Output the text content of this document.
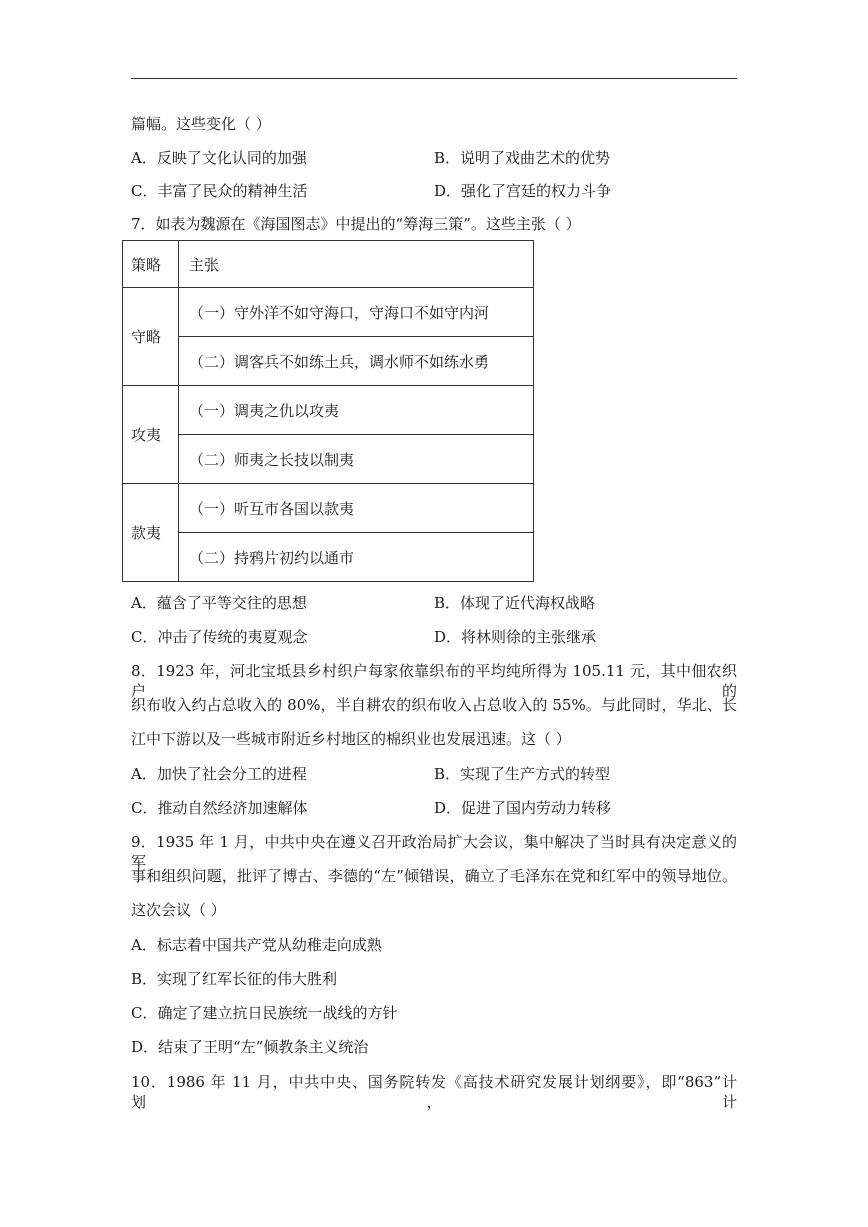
篇幅。这些变化（ ）
A．反映了文化认同的加强	B．说明了戏曲艺术的优势
C．丰富了民众的精神生活	D．强化了宫廷的权力斗争
7．如表为魏源在《海国图志》中提出的“筹海三策”。这些主张（ ）
策略	主张
守略	（一）守外洋不如守海口，守海口不如守内河
	（二）调客兵不如练土兵，调水师不如练水勇
攻夷	（一）调夷之仇以攻夷
	（二）师夷之长技以制夷
款夷	（一）听互市各国以款夷
	（二）持鸦片初约以通市
A．蕴含了平等交往的思想	B．体现了近代海权战略
C．冲击了传统的夷夏观念	D．将林则徐的主张继承
8．1923 年，河北宝坻县乡村织户每家依靠织布的平均纯所得为 105.11 元，其中佃农织户的
织布收入约占总收入的 80%，半自耕农的织布收入占总收入的 55%。与此同时，华北、长
江中下游以及一些城市附近乡村地区的棉织业也发展迅速。这（ ）
A．加快了社会分工的进程	B．实现了生产方式的转型
C．推动自然经济加速解体	D．促进了国内劳动力转移
9．1935 年 1 月，中共中央在遵义召开政治局扩大会议，集中解决了当时具有决定意义的军
事和组织问题，批评了博古、李德的“左”倾错误，确立了毛泽东在党和红军中的领导地位。
这次会议（ ）
A．标志着中国共产党从幼稚走向成熟
B．实现了红军长征的伟大胜利
C．确定了建立抗日民族统一战线的方针
D．结束了王明“左”倾教条主义统治
10．1986 年 11 月，中共中央、国务院转发《高技术研究发展计划纲要》，即“863”计划，计
